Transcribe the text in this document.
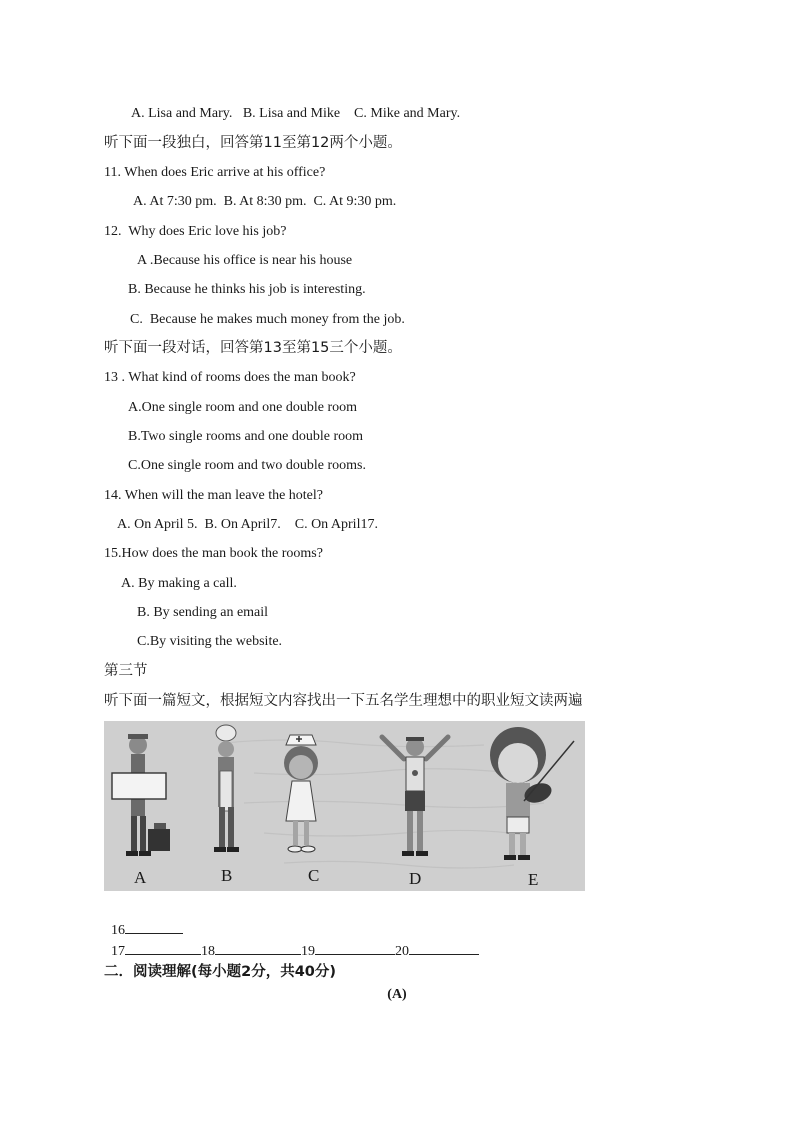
A. Lisa and Mary.   B. Lisa and Mike    C. Mike and Mary.
听下面一段独白，回答第11至第12两个小题。
11. When does Eric arrive at his office?
A. At 7:30 pm.  B. At 8:30 pm.  C. At 9:30 pm.
12.  Why does Eric love his job?
A .Because his office is near his house
B. Because he thinks his job is interesting.
C.  Because he makes much money from the job.
听下面一段对话，回答第13至第15三个小题。
13 . What kind of rooms does the man book?
A.One single room and one double room
B.Two single rooms and one double room
C.One single room and two double rooms.
14. When will the man leave the hotel?
A. On April 5.  B. On April7.    C. On April17.
15.How does the man book the rooms?
A. By making a call.
B. By sending an email
C.By visiting the website.
第三节
听下面一篇短文，根据短文内容找出一下五名学生理想中的职业短文读两遍
A	B	C	D	E

16
17	18	19	20

二．阅读理解(每小题2分，共40分)
(A)
